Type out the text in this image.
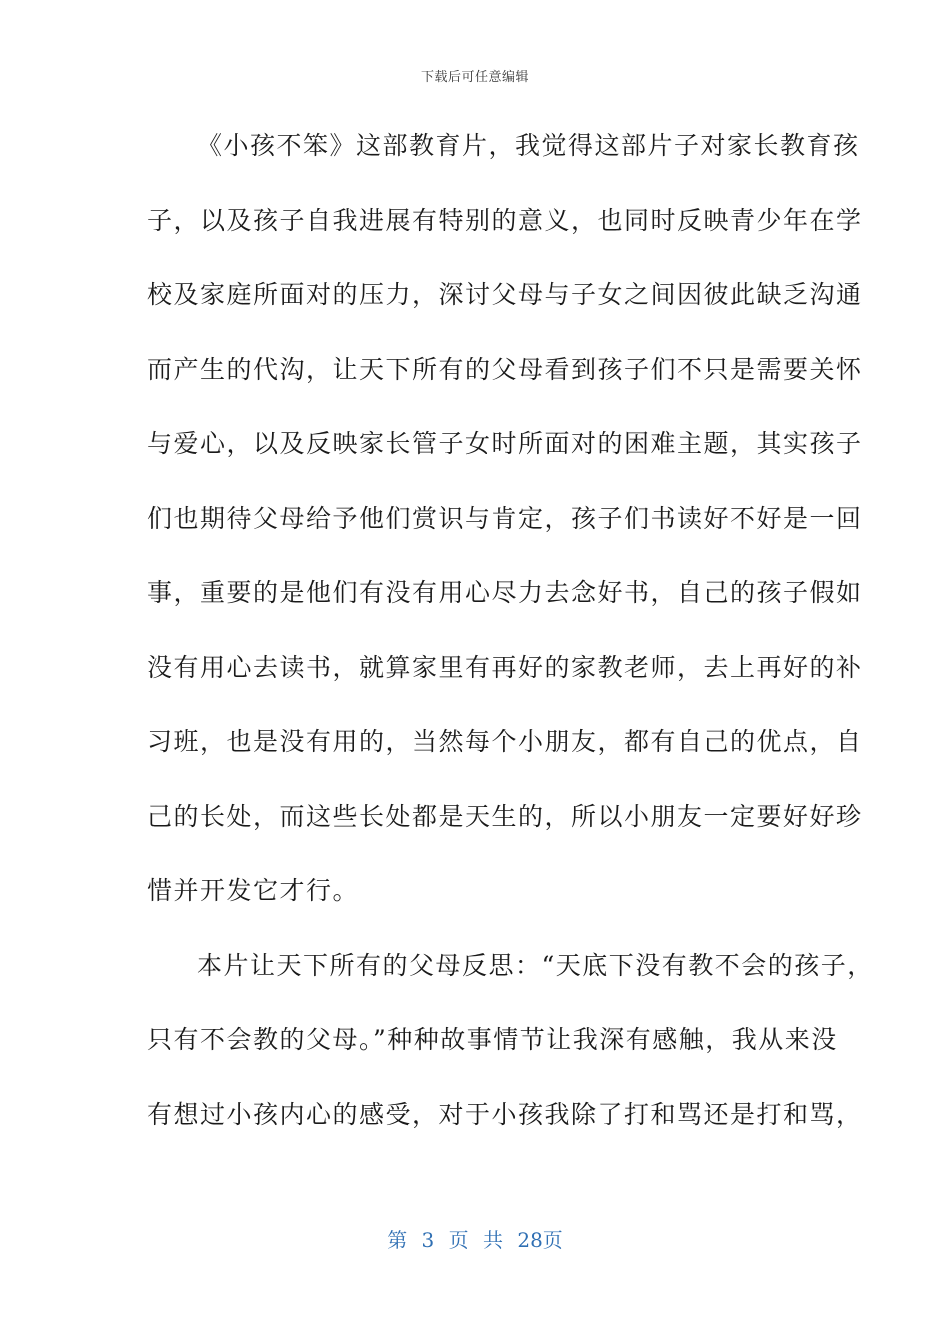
下载后可任意编辑
《小孩不笨》这部教育片，我觉得这部片子对家长教育孩
子，以及孩子自我进展有特别的意义，也同时反映青少年在学
校及家庭所面对的压力，深讨父母与子女之间因彼此缺乏沟通
而产生的代沟，让天下所有的父母看到孩子们不只是需要关怀
与爱心，以及反映家长管子女时所面对的困难主题，其实孩子
们也期待父母给予他们赏识与肯定，孩子们书读好不好是一回
事，重要的是他们有没有用心尽力去念好书，自己的孩子假如
没有用心去读书，就算家里有再好的家教老师，去上再好的补
习班，也是没有用的，当然每个小朋友，都有自己的优点，自
己的长处，而这些长处都是天生的，所以小朋友一定要好好珍
惜并开发它才行。
本片让天下所有的父母反思：“天底下没有教不会的孩子，
只有不会教的父母。”种种故事情节让我深有感触，我从来没
有想过小孩内心的感受，对于小孩我除了打和骂还是打和骂，
第 3 页 共 28页
